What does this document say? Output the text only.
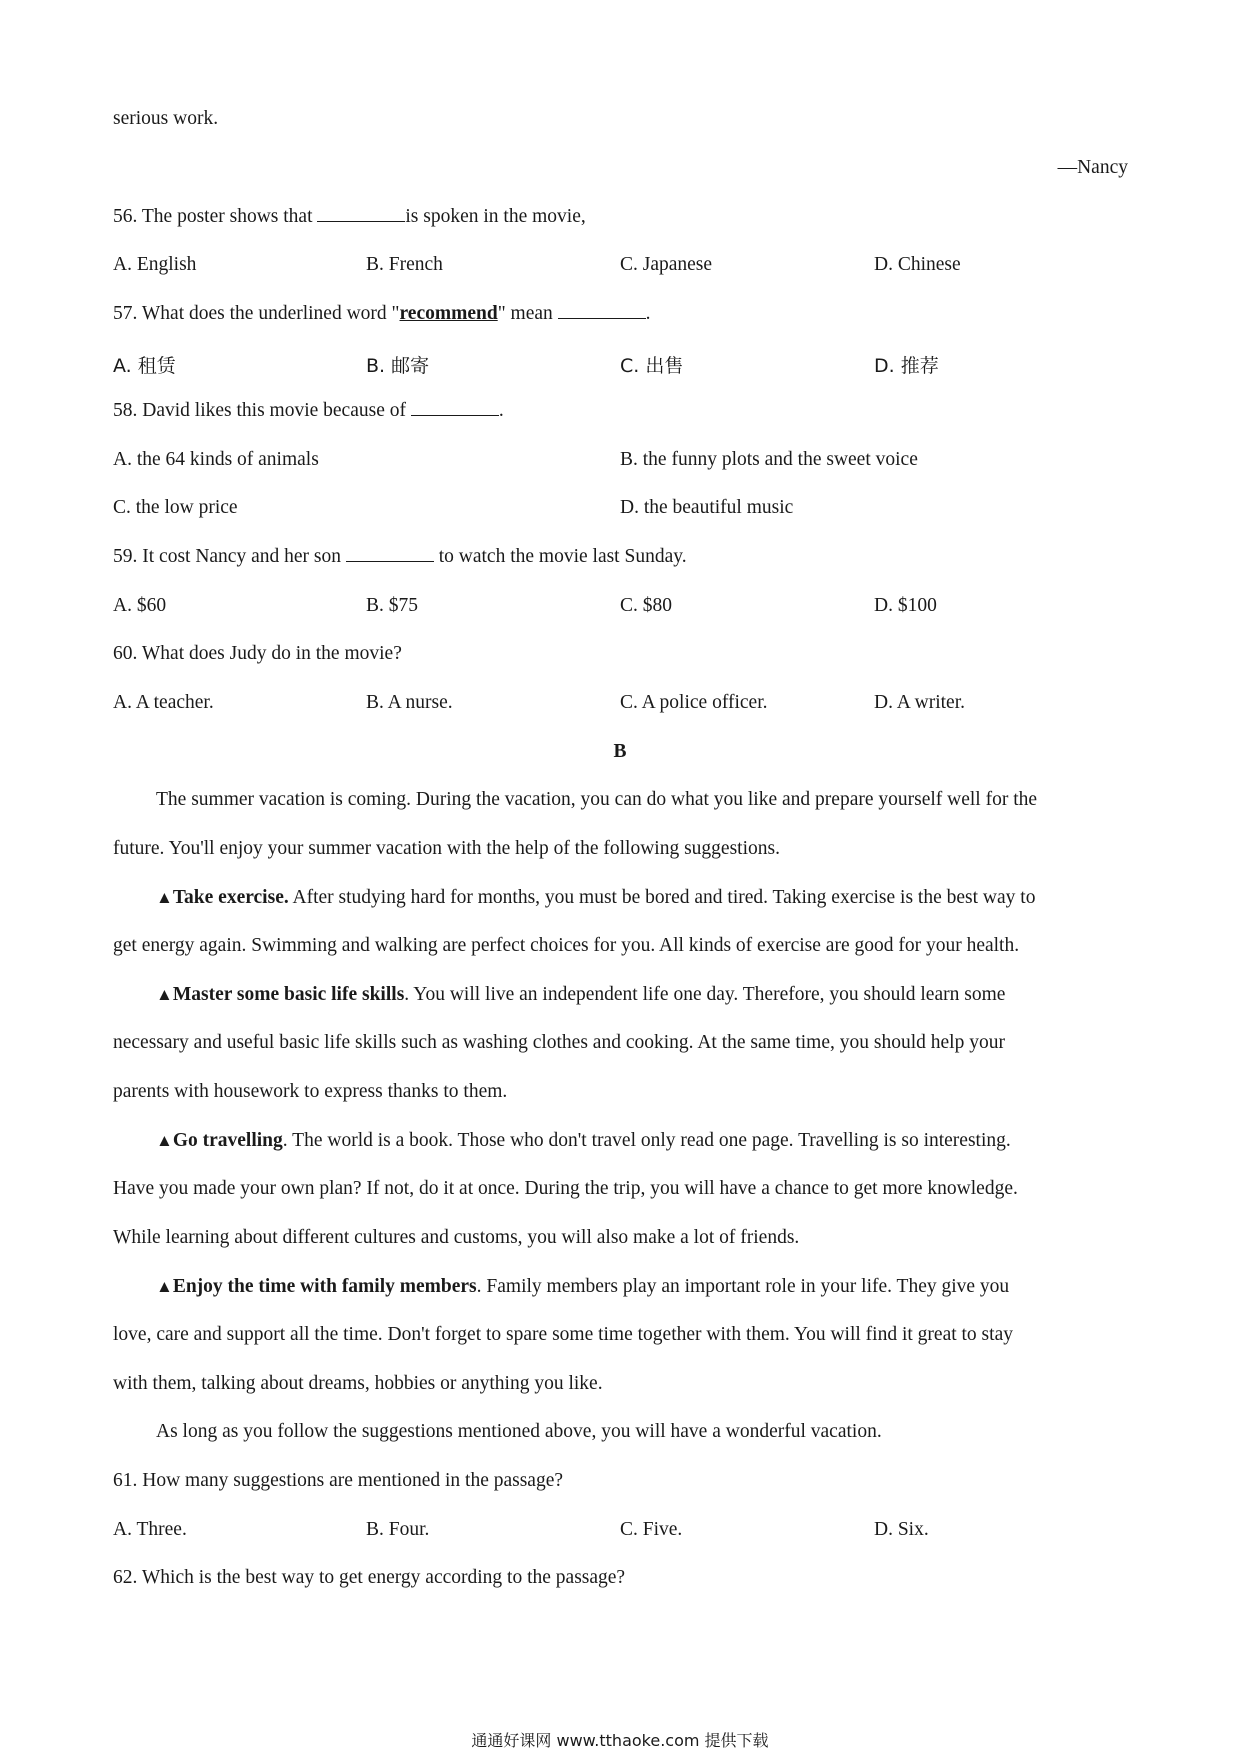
serious work.
—Nancy
56. The poster shows that	is spoken in the movie,
A. English	B. French	C. Japanese	D. Chinese
57. What does the underlined word "recommend" mean	.
A. 租赁	B. 邮寄	C. 出售	D. 推荐
58. David likes this movie because of	.
A. the 64 kinds of animals	B. the funny plots and the sweet voice
C. the low price	D. the beautiful music
59. It cost Nancy and her son	to watch the movie last Sunday.
A. $60	B. $75	C. $80	D. $100
60. What does Judy do in the movie?
A. A teacher.	B. A nurse.	C. A police officer.	D. A writer.
B
The summer vacation is coming. During the vacation, you can do what you like and prepare yourself well for the
future. You'll enjoy your summer vacation with the help of the following suggestions.
▲Take exercise. After studying hard for months, you must be bored and tired. Taking exercise is the best way to
get energy again. Swimming and walking are perfect choices for you. All kinds of exercise are good for your health.
▲Master some basic life skills. You will live an independent life one day. Therefore, you should learn some
necessary and useful basic life skills such as washing clothes and cooking. At the same time, you should help your
parents with housework to express thanks to them.
▲Go travelling. The world is a book. Those who don't travel only read one page. Travelling is so interesting.
Have you made your own plan? If not, do it at once. During the trip, you will have a chance to get more knowledge.
While learning about different cultures and customs, you will also make a lot of friends.
▲Enjoy the time with family members. Family members play an important role in your life. They give you
love, care and support all the time. Don't forget to spare some time together with them. You will find it great to stay
with them, talking about dreams, hobbies or anything you like.
As long as you follow the suggestions mentioned above, you will have a wonderful vacation.
61. How many suggestions are mentioned in the passage?
A. Three.	B. Four.	C. Five.	D. Six.
62. Which is the best way to get energy according to the passage?
通通好课网 www.tthaoke.com 提供下载
